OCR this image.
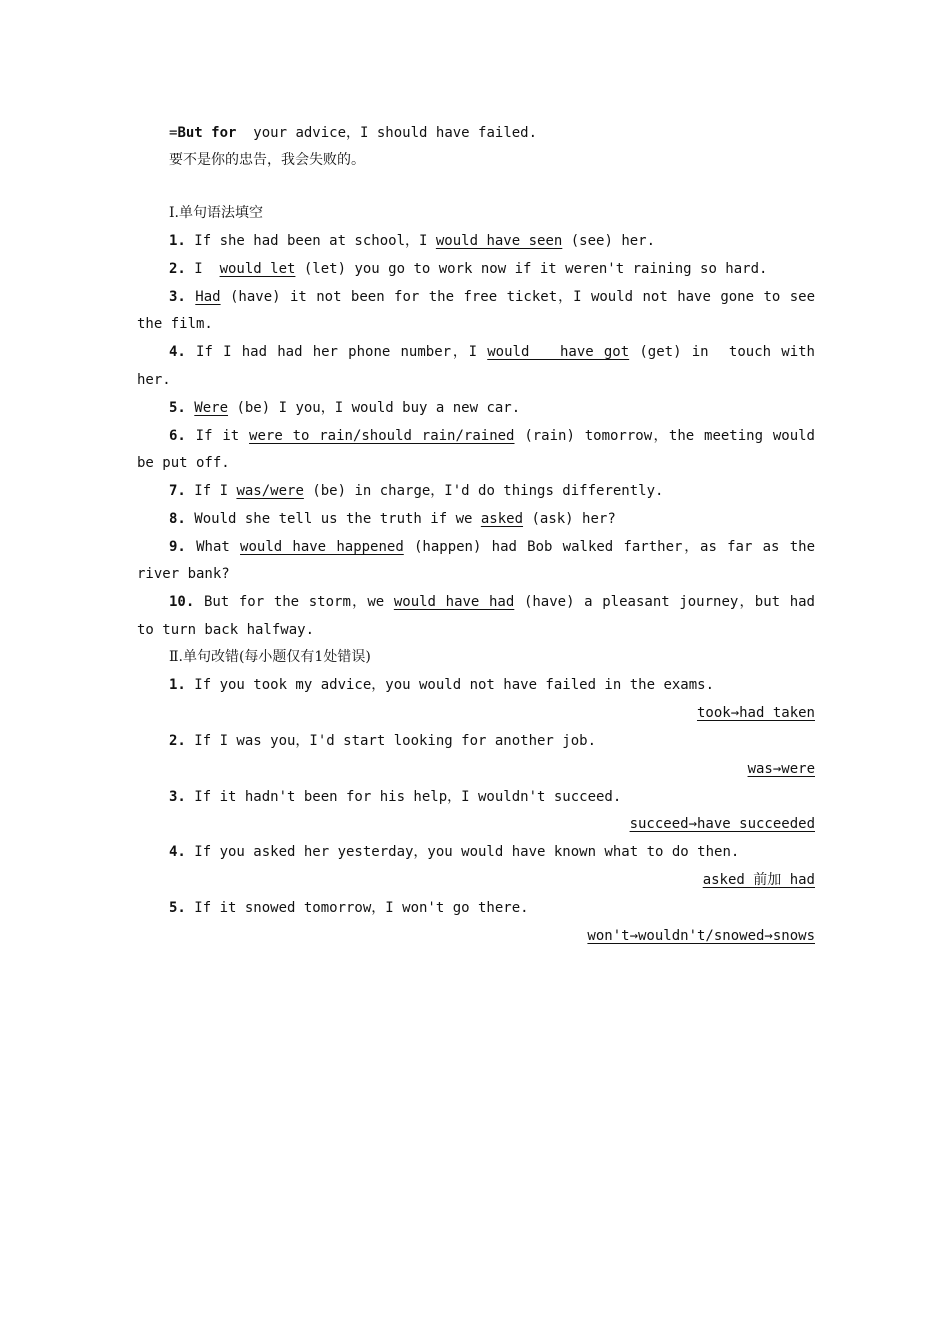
=But for  your advice，I should have failed.
要不是你的忠告，我会失败的。
Ⅰ.单句语法填空
1. If she had been at school，I would have seen (see) her.
2. I  would let (let) you go to work now if it weren't raining so hard.
3. Had (have) it not been for the free ticket，I would not have gone to see
the film.
4. If I had had her phone number，I would   have got (get) in  touch with
her.
5. Were (be) I you，I would buy a new car.
6. If it were to rain/should rain/rained (rain) tomorrow，the meeting would
be put off.
7. If I was/were (be) in charge，I'd do things differently.
8. Would she tell us the truth if we asked (ask) her?
9. What would have happened (happen) had Bob walked farther，as far as the
river bank?
10. But for the storm，we would have had (have) a pleasant journey，but had
to turn back halfway.
Ⅱ.单句改错(每小题仅有1处错误)
1. If you took my advice，you would not have failed in the exams.
took→had taken
2. If I was you，I'd start looking for another job.
was→were
3. If it hadn't been for his help，I wouldn't succeed.
succeed→have succeeded
4. If you asked her yesterday，you would have known what to do then.
asked 前加 had
5. If it snowed tomorrow，I won't go there.
won't→wouldn't/snowed→snows
